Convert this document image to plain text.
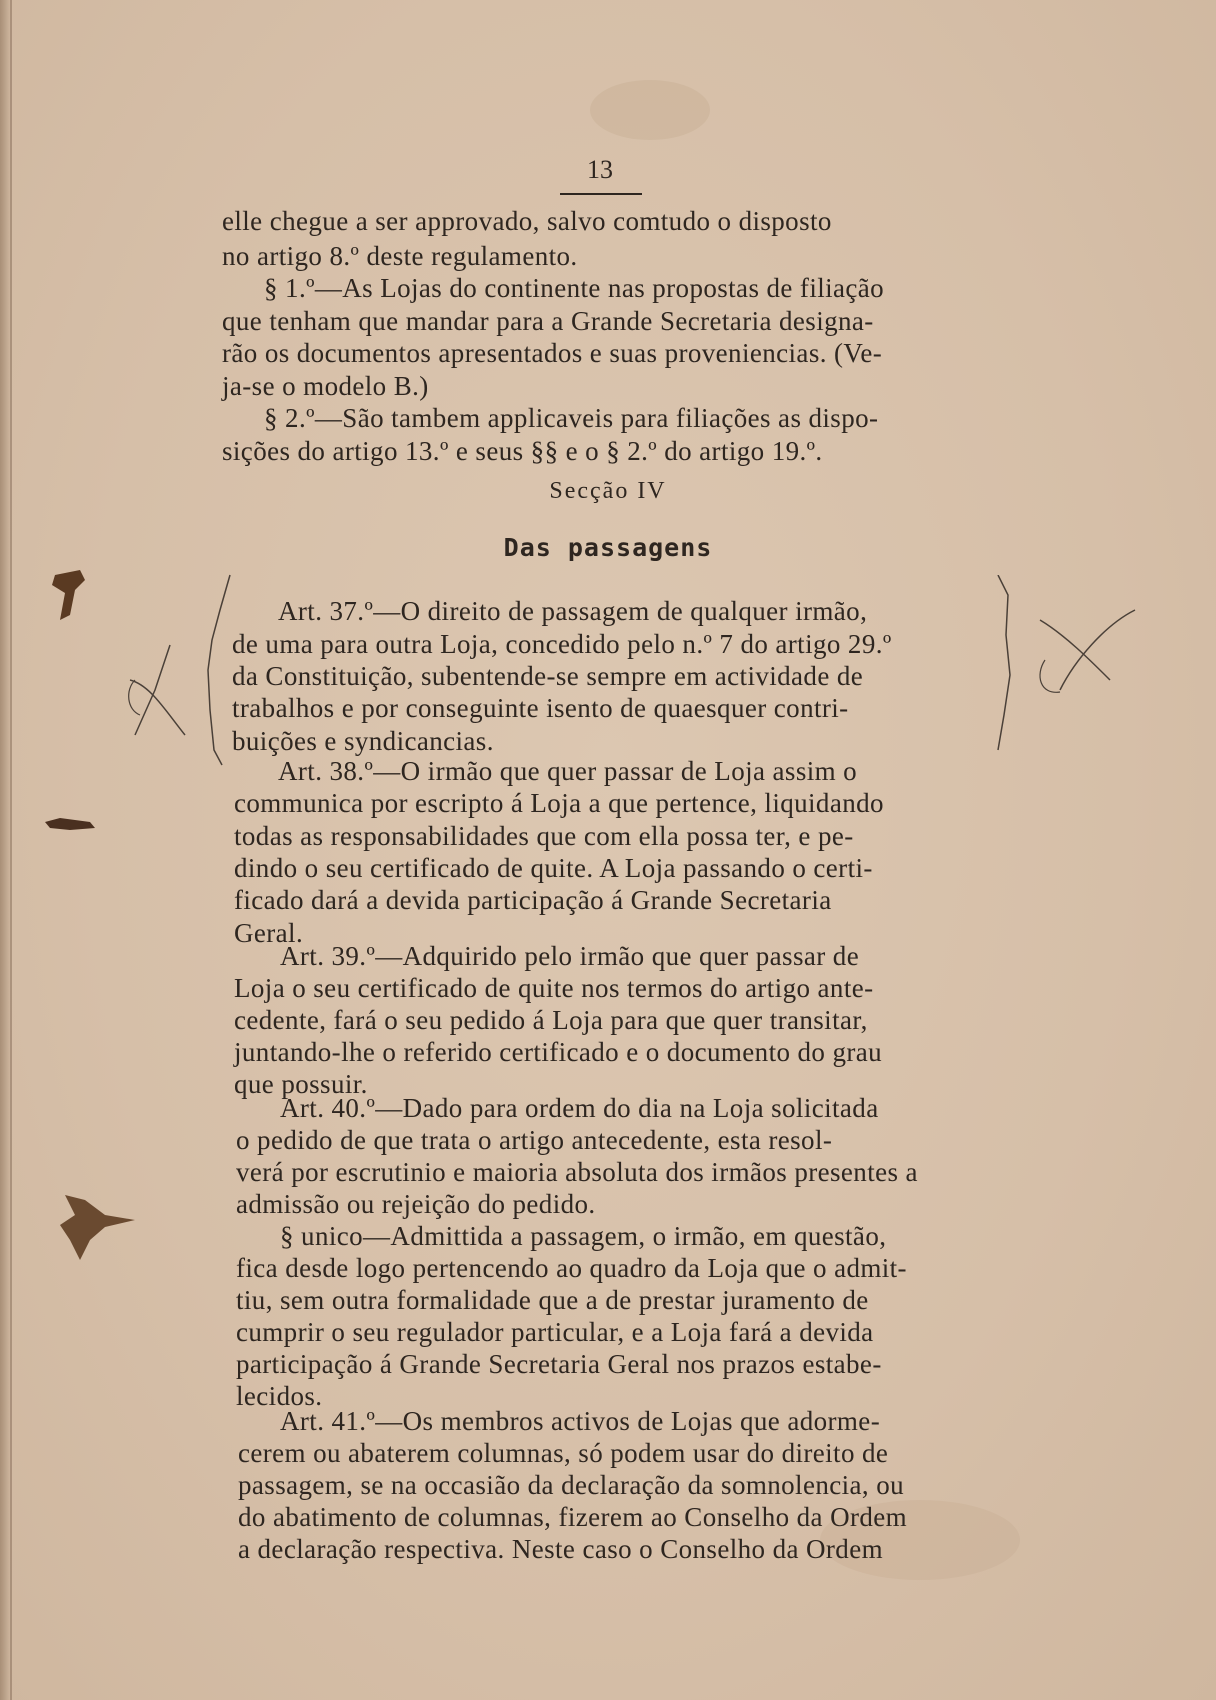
13
elle chegue a ser approvado, salvo comtudo o disposto
no artigo 8.º deste regulamento.
§ 1.º—As Lojas do continente nas propostas de filiação
que tenham que mandar para a Grande Secretaria designa-
rão os documentos apresentados e suas proveniencias. (Ve-
ja-se o modelo B.)
§ 2.º—São tambem applicaveis para filiações as dispo-
sições do artigo 13.º e seus §§ e o § 2.º do artigo 19.º.
Secção IV
Das passagens
Art. 37.º—O direito de passagem de qualquer irmão,
de uma para outra Loja, concedido pelo n.º 7 do artigo 29.º
da Constituição, subentende-se sempre em actividade de
trabalhos e por conseguinte isento de quaesquer contri-
buições e syndicancias.
Art. 38.º—O irmão que quer passar de Loja assim o
communica por escripto á Loja a que pertence, liquidando
todas as responsabilidades que com ella possa ter, e pe-
dindo o seu certificado de quite. A Loja passando o certi-
ficado dará a devida participação á Grande Secretaria
Geral.
Art. 39.º—Adquirido pelo irmão que quer passar de
Loja o seu certificado de quite nos termos do artigo ante-
cedente, fará o seu pedido á Loja para que quer transitar,
juntando-lhe o referido certificado e o documento do grau
que possuir.
Art. 40.º—Dado para ordem do dia na Loja solicitada
o pedido de que trata o artigo antecedente, esta resol-
verá por escrutinio e maioria absoluta dos irmãos presentes a
admissão ou rejeição do pedido.
§ unico—Admittida a passagem, o irmão, em questão,
fica desde logo pertencendo ao quadro da Loja que o admit-
tiu, sem outra formalidade que a de prestar juramento de
cumprir o seu regulador particular, e a Loja fará a devida
participação á Grande Secretaria Geral nos prazos estabe-
lecidos.
Art. 41.º—Os membros activos de Lojas que adorme-
cerem ou abaterem columnas, só podem usar do direito de
passagem, se na occasião da declaração da somnolencia, ou
do abatimento de columnas, fizerem ao Conselho da Ordem
a declaração respectiva. Neste caso o Conselho da Ordem
